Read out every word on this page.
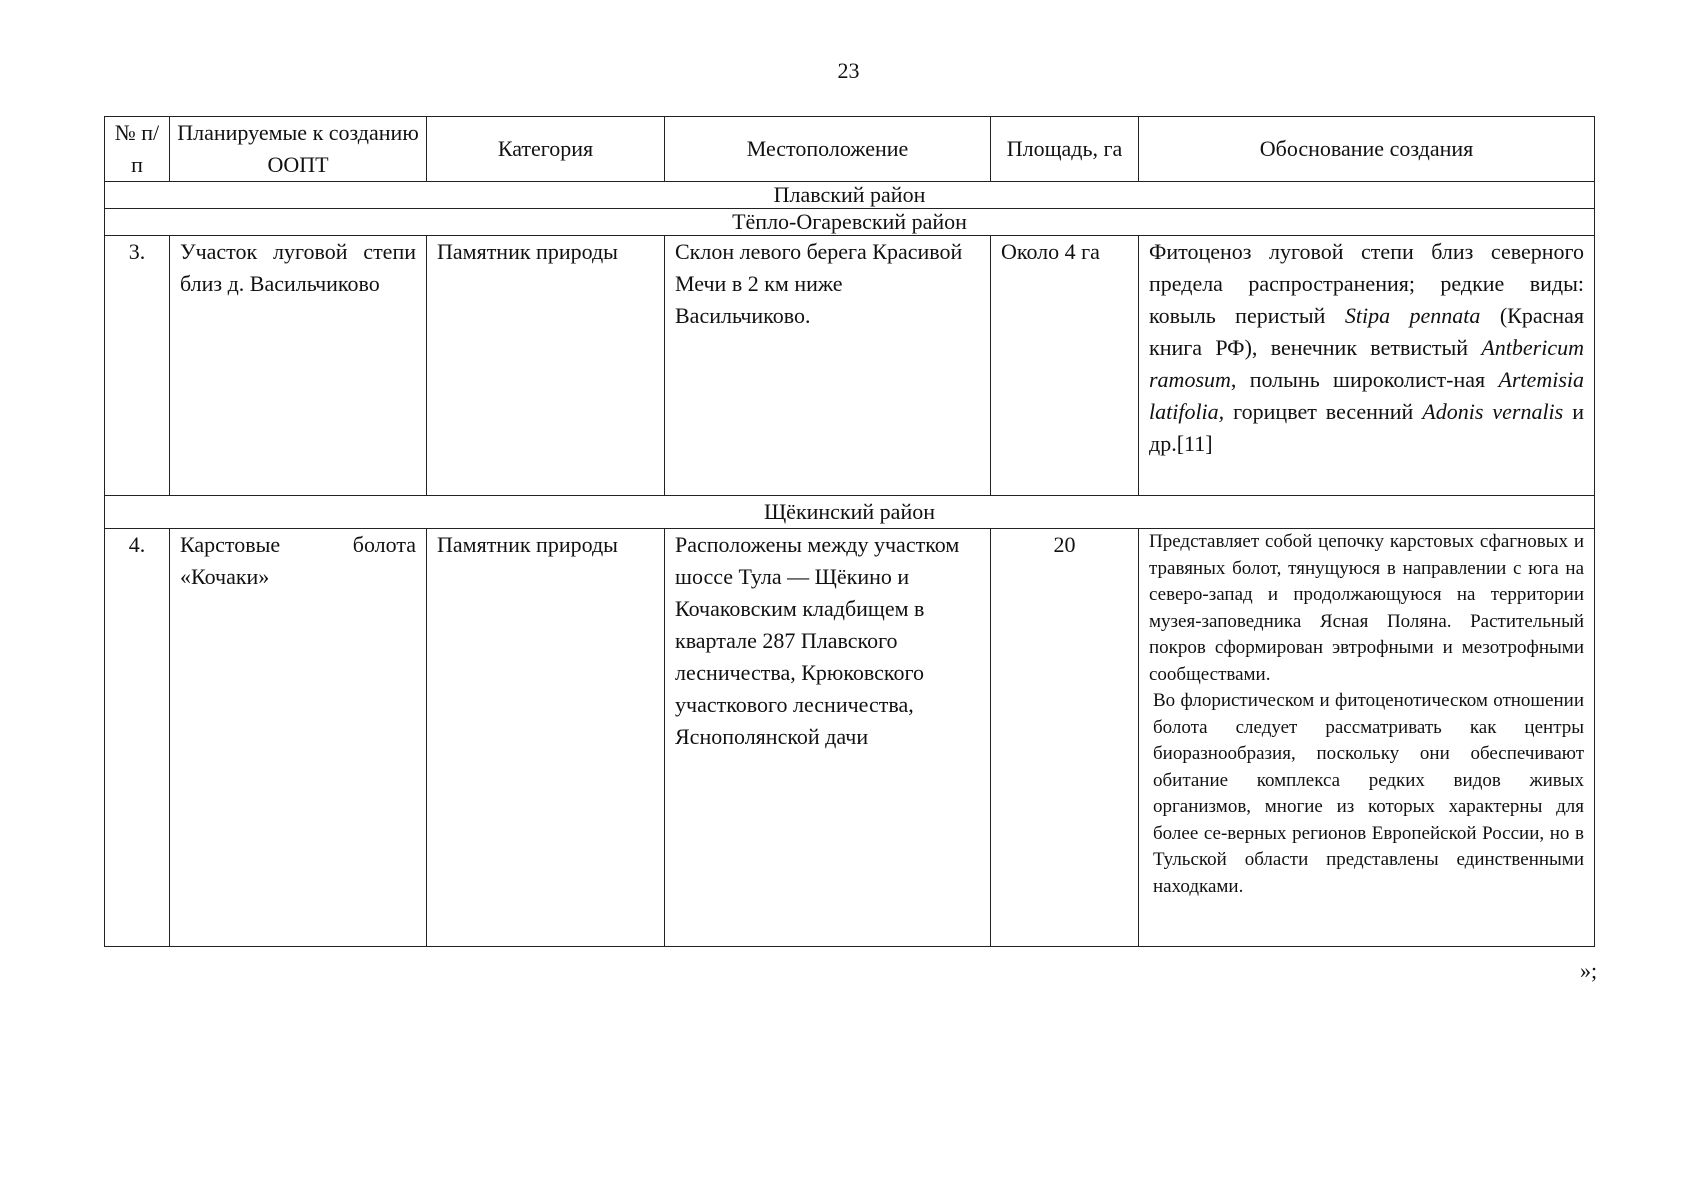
23
№ п/п	Планируемые к созданию ООПТ	Категория	Местоположение	Площадь, га	Обоснование создания
Плавский район					
Тёпло-Огаревский район					
3.	Участок луговой степи близ д. Васильчиково	Памятник природы	Склон левого берега Красивой Мечи в 2 км ниже Васильчиково.	Около 4 га	Фитоценоз луговой степи близ северного предела распространения; редкие виды: ковыль перистый Stipa pennata (Красная книга РФ), венечник ветвистый Antbericum ramosum, полынь широколист-ная Artemisia latifolia, горицвет весенний Adonis vernalis и др.[11]
Щёкинский район					
4.	Карстовые болота «Кочаки»	Памятник природы	Расположены между участком шоссе Тула — Щёкино и Кочаковским кладбищем в квартале 287 Плавского лесничества, Крюковского участкового лесничества, Яснополянской дачи	20	Представляет собой цепочку карстовых сфагновых и травяных болот, тянущуюся в направлении с юга на северо-запад и продолжающуюся на территории музея-заповедника Ясная Поляна. Растительный покров сформирован эвтрофными и мезотрофными сообществами.

Во флористическом и фитоценотическом отношении болота следует рассматривать как центры биоразнообразия, поскольку они обеспечивают обитание комплекса редких видов живых организмов, многие из которых характерны для более се-верных регионов Европейской России, но в Тульской области представлены единственными находками.

»;
